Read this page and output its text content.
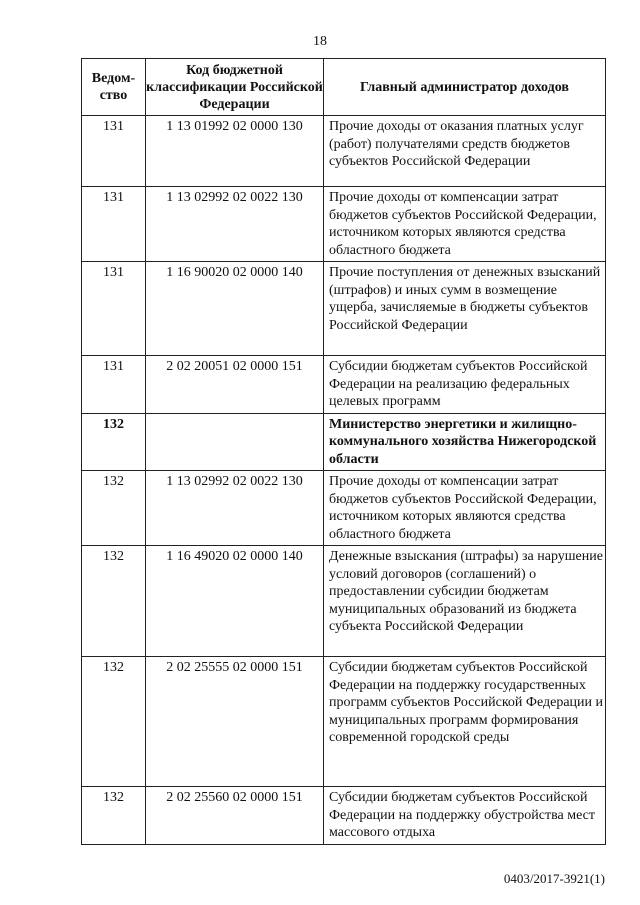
18
Ведом-ство	Код бюджетной классификации Российской Федерации	Главный администратор доходов
131	1 13 01992 02 0000 130	Прочие доходы от оказания платных услуг (работ) получателями средств бюджетов субъектов Российской Федерации
131	1 13 02992 02 0022 130	Прочие доходы от компенсации затрат бюджетов субъектов Российской Федерации, источником которых являются средства областного бюджета
131	1 16 90020 02 0000 140	Прочие поступления от денежных взысканий (штрафов) и иных сумм в возмещение ущерба, зачисляемые в бюджеты субъектов Российской Федерации
131	2 02 20051 02 0000 151	Субсидии бюджетам субъектов Российской Федерации на реализацию федеральных целевых программ
132		Министерство энергетики и жилищно-коммунального хозяйства Нижегородской области
132	1 13 02992 02 0022 130	Прочие доходы от компенсации затрат бюджетов субъектов Российской Федерации, источником которых являются средства областного бюджета
132	1 16 49020 02 0000 140	Денежные взыскания (штрафы) за нарушение условий договоров (соглашений) о предоставлении субсидии бюджетам муниципальных образований из бюджета субъекта Российской Федерации
132	2 02 25555 02 0000 151	Субсидии бюджетам субъектов Российской Федерации на поддержку государственных программ субъектов Российской Федерации и муниципальных программ формирования современной городской среды
132	2 02 25560 02 0000 151	Субсидии бюджетам субъектов Российской Федерации на поддержку обустройства мест массового отдыха
0403/2017-3921(1)
